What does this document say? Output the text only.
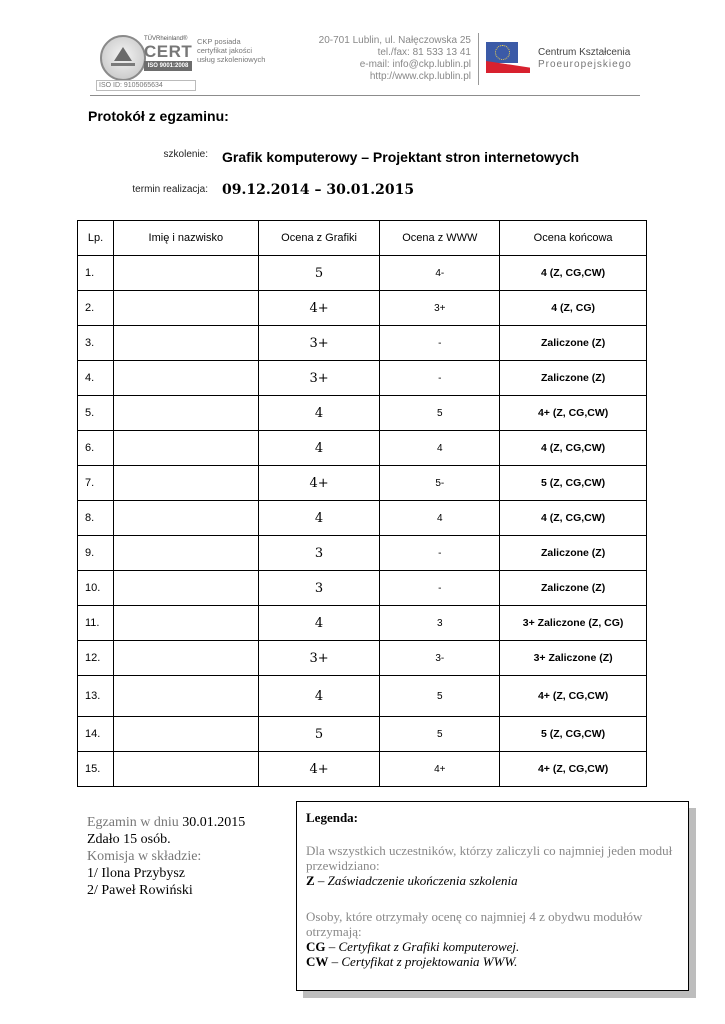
TÜVRheinland®
CERT
ISO 9001:2008
CKP posiada certyfikat jakości usług szkoleniowych
ISO ID: 9105065634
20-701 Lublin, ul. Nałęczowska 25
tel./fax: 81 533 13 41
e-mail: info@ckp.lublin.pl
http://www.ckp.lublin.pl
Centrum Kształcenia
Proeuropejskiego
Protokół z egzaminu:
szkolenie: Grafik komputerowy – Projektant stron internetowych
termin realizacja: 09.12.2014 – 30.01.2015
Lp.	Imię i nazwisko	Ocena z Grafiki	Ocena z WWW	Ocena końcowa
1.		5	4-	4 (Z, CG,CW)
2.		4+	3+	4 (Z, CG)
3.		3+	-	Zaliczone (Z)
4.		3+	-	Zaliczone (Z)
5.		4	5	4+ (Z, CG,CW)
6.		4	4	4 (Z, CG,CW)
7.		4+	5-	5 (Z, CG,CW)
8.		4	4	4 (Z, CG,CW)
9.		3	-	Zaliczone (Z)
10.		3	-	Zaliczone (Z)
11.		4	3	3+ Zaliczone (Z, CG)
12.		3+	3-	3+ Zaliczone (Z)
13.		4	5	4+ (Z, CG,CW)
14.		5	5	5 (Z, CG,CW)
15.		4+	4+	4+ (Z, CG,CW)
Egzamin w dniu 30.01.2015
Zdało 15 osób.
Komisja w składzie:
1/ Ilona Przybysz
2/ Paweł Rowiński
Legenda:
Dla wszystkich uczestników, którzy zaliczyli co najmniej jeden moduł przewidziano:
Z – Zaświadczenie ukończenia szkolenia
Osoby, które otrzymały ocenę co najmniej 4 z obydwu modułów otrzymają:
CG – Certyfikat z Grafiki komputerowej.
CW – Certyfikat z projektowania WWW.
